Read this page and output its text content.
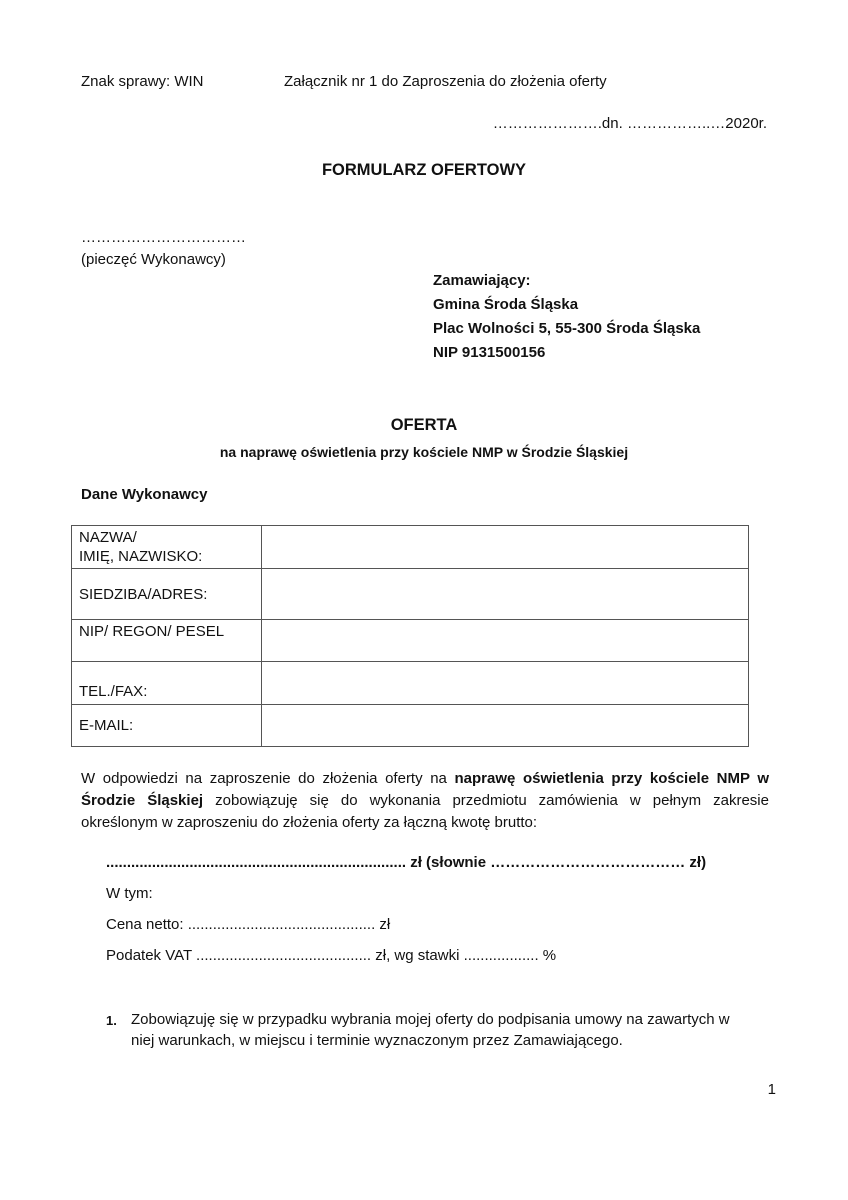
Znak sprawy: WIN	Załącznik nr 1 do Zaproszenia do złożenia oferty
………………….dn. ……………..…2020r.
FORMULARZ OFERTOWY
……………………………
(pieczęć Wykonawcy)
Zamawiający:
Gmina Środa Śląska
Plac Wolności 5, 55-300 Środa Śląska
NIP 9131500156
OFERTA
na naprawę oświetlenia przy kościele NMP w Środzie Śląskiej
Dane Wykonawcy
NAZWA/
IMIĘ, NAZWISKO:	

SIEDZIBA/ADRES:	
NIP/ REGON/ PESEL	
TEL./FAX:	
E-MAIL:	
W odpowiedzi na zaproszenie do złożenia oferty na naprawę oświetlenia przy kościele NMP w Środzie Śląskiej zobowiązuję się do wykonania przedmiotu zamówienia w pełnym zakresie określonym w zaproszeniu do złożenia oferty za łączną kwotę brutto:
........................................................................ zł (słownie ………………………………… zł)
W tym:
Cena netto: ............................................. zł
Podatek VAT .......................................... zł, wg stawki .................. %
1. Zobowiązuję się w przypadku wybrania mojej oferty do podpisania umowy na zawartych w
niej warunkach, w miejscu i terminie wyznaczonym przez Zamawiającego.
1
